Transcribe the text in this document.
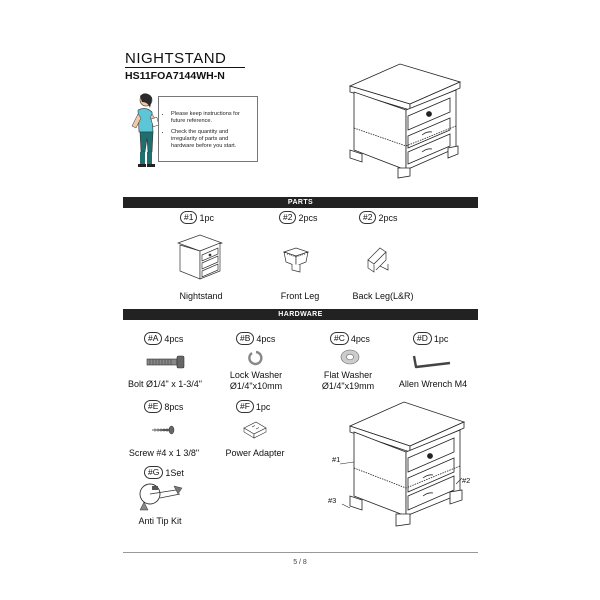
NIGHTSTAND
HS11FOA7144WH-N
• Please keep instructions for future reference.
• Check the quantity and irregularity of parts and hardware before you start.
PARTS
#1 1pc
Nightstand
#2 2pcs
Front Leg
#2 2pcs
Back Leg(L&R)
HARDWARE
#A 4pcs
Bolt Ø1/4" x 1-3/4"
#B 4pcs
Lock Washer
Ø1/4"x10mm
#C 4pcs
Flat Washer
Ø1/4"x19mm
#D 1pc
Allen Wrench M4
#E 8pcs
Screw #4 x 1 3/8"
#F 1pc
Power Adapter
#G 1Set
Anti Tip Kit
#1
#2
#3
5 / 8
